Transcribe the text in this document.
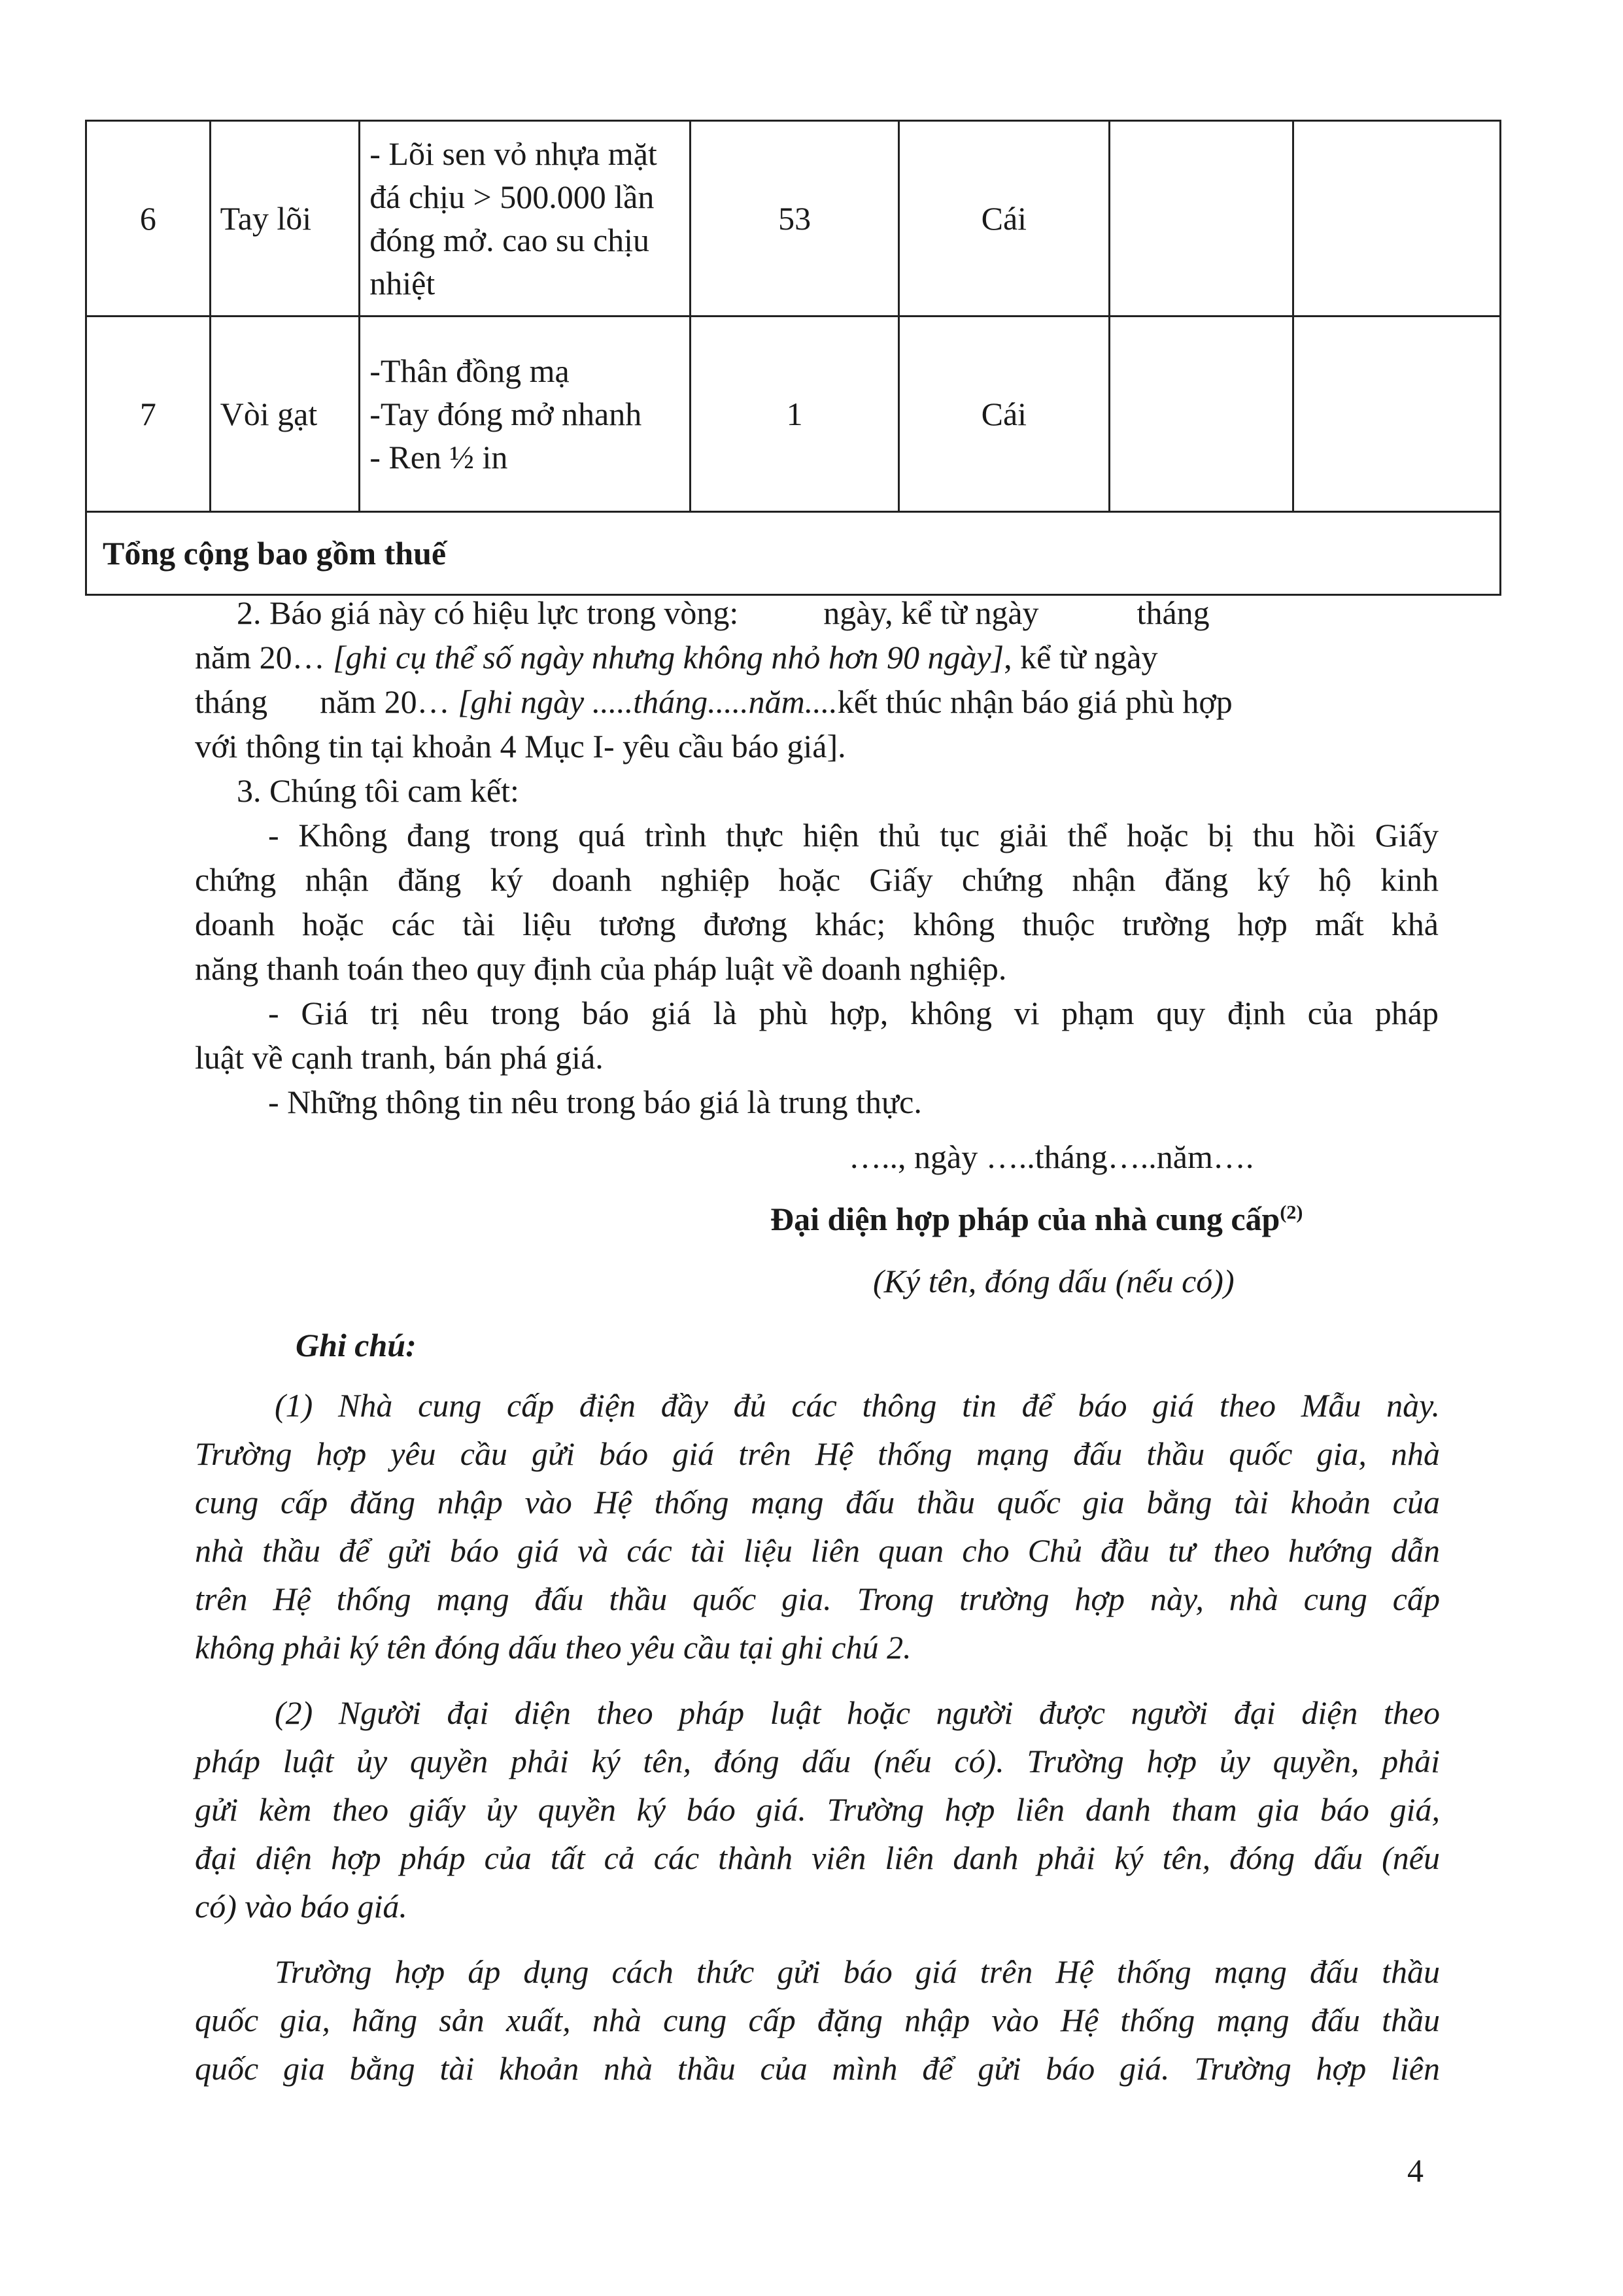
6	Tay lõi	- Lõi sen vỏ nhựa mặt
đá chịu > 500.000 lần
đóng mở. cao su chịu
nhiệt	53	Cái		
7	Vòi gạt	-Thân đồng mạ
-Tay đóng mở nhanh
- Ren ½ in	1	Cái		
Tổng cộng bao gồm thuế						
2. Báo giá này có hiệu lực trong vòng:	ngày, kể từ ngày	tháng
năm 20… [ghi cụ thể số ngày nhưng không nhỏ hơn 90 ngày], kể từ ngày
tháng năm 20… [ghi ngày .....tháng.....năm....kết thúc nhận báo giá phù hợp
với thông tin tại khoản 4 Mục I- yêu cầu báo giá].
3. Chúng tôi cam kết:
- Không đang trong quá trình thực hiện thủ tục giải thể hoặc bị thu hồi Giấy
chứng nhận đăng ký doanh nghiệp hoặc Giấy chứng nhận đăng ký hộ kinh
doanh hoặc các tài liệu tương đương khác; không thuộc trường hợp mất khả
năng thanh toán theo quy định của pháp luật về doanh nghiệp.
- Giá trị nêu trong báo giá là phù hợp, không vi phạm quy định của pháp
luật về cạnh tranh, bán phá giá.
- Những thông tin nêu trong báo giá là trung thực.
….., ngày …..tháng…..năm….
Đại diện hợp pháp của nhà cung cấp$^{(2)}$
(Ký tên, đóng dấu (nếu có))
Ghi chú:
(1) Nhà cung cấp điện đầy đủ các thông tin để báo giá theo Mẫu này.
Trường hợp yêu cầu gửi báo giá trên Hệ thống mạng đấu thầu quốc gia, nhà
cung cấp đăng nhập vào Hệ thống mạng đấu thầu quốc gia bằng tài khoản của
nhà thầu để gửi báo giá và các tài liệu liên quan cho Chủ đầu tư theo hướng dẫn
trên Hệ thống mạng đấu thầu quốc gia. Trong trường hợp này, nhà cung cấp
không phải ký tên đóng dấu theo yêu cầu tại ghi chú 2.
(2) Người đại diện theo pháp luật hoặc người được người đại diện theo
pháp luật ủy quyền phải ký tên, đóng dấu (nếu có). Trường hợp ủy quyền, phải
gửi kèm theo giấy ủy quyền ký báo giá. Trường hợp liên danh tham gia báo giá,
đại diện hợp pháp của tất cả các thành viên liên danh phải ký tên, đóng dấu (nếu
có) vào báo giá.
Trường hợp áp dụng cách thức gửi báo giá trên Hệ thống mạng đấu thầu
quốc gia, hãng sản xuất, nhà cung cấp đặng nhập vào Hệ thống mạng đấu thầu
quốc gia bằng tài khoản nhà thầu của mình để gửi báo giá. Trường hợp liên
4
